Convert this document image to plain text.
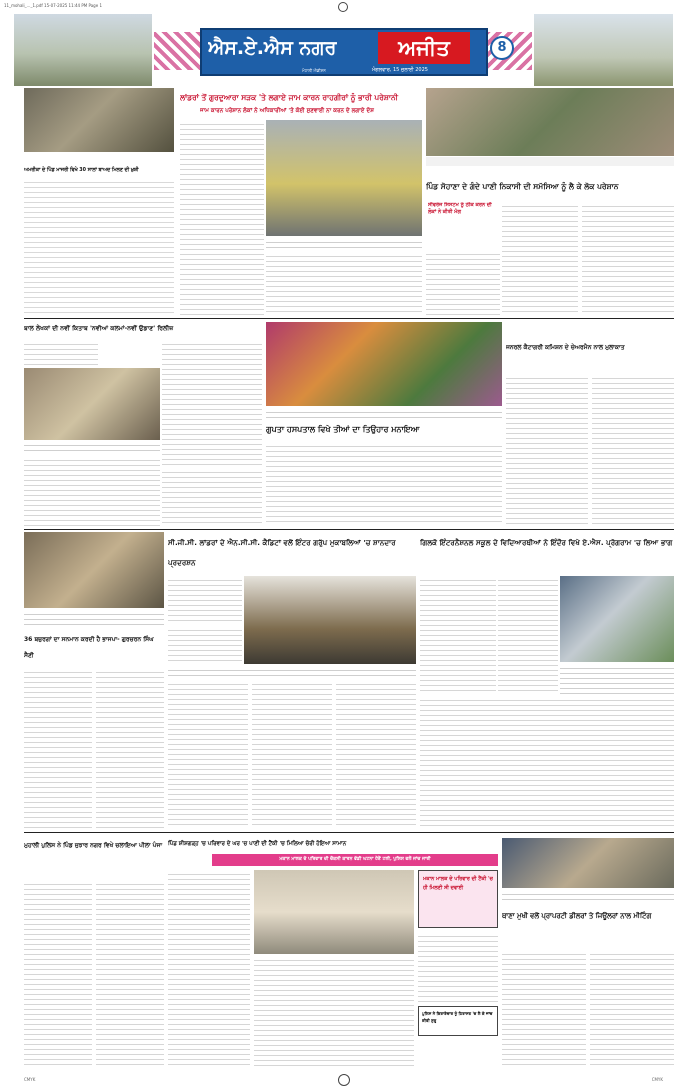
11_mohali_..._1.pdf 15-07-2025 11:44 PM Page 1
ਐਸ.ਏ.ਐਸ ਨਗਰ	ਅਜੀਤ
ਮੋਹਾਲੀ ਐਡੀਸ਼ਨ	ਮੰਗਲਵਾਰ, 15 ਜੁਲਾਈ 2025
8
ਲਾਂਡਰਾਂ ਤੋਂ ਗੁਰਦੁਆਰਾ ਸੜਕ 'ਤੇ ਲਗਾਏ ਜਾਮ ਕਾਰਨ ਰਾਹਗੀਰਾਂ ਨੂੰ ਭਾਰੀ ਪਰੇਸ਼ਾਨੀ
ਜਾਮ ਕਾਰਨ ਪਰੇਸ਼ਾਨ ਲੋਕਾਂ ਨੇ ਅਧਿਕਾਰੀਆਂ 'ਤੇ ਕੋਈ ਸੁਣਵਾਈ ਨਾ ਕਰਨ ਦੇ ਲਗਾਏ ਦੋਸ਼
ਅਮਰੀਕਾ ਦੇ ਪਿੰਡ ਮਾਜਰੀ ਵਿਖੇ 30 ਸਾਲਾਂ ਬਾਅਦ ਮਿਲਣ ਦੀ ਖ਼ੁਸ਼ੀ
ਪਿੰਡ ਸੋਹਾਣਾ ਦੇ ਗੰਦੇ ਪਾਣੀ ਨਿਕਾਸੀ ਦੀ ਸਮੱਸਿਆ ਨੂੰ ਲੈ ਕੇ ਲੋਕ ਪਰੇਸ਼ਾਨ
ਸੀਵਰੇਜ ਸਿਸਟਮ ਨੂੰ ਠੀਕ ਕਰਨ ਦੀ ਲੋਕਾਂ ਨੇ ਕੀਤੀ ਮੰਗ
ਬਾਲ ਲੇਖਕਾਂ ਦੀ ਨਵੀਂ ਕਿਤਾਬ 'ਨਵੀਆਂ ਕਲਮਾਂ-ਨਵੀਂ ਉਡਾਣ' ਰਿਲੀਜ਼
ਗੁਪਤਾ ਹਸਪਤਾਲ ਵਿਖੇ ਤੀਆਂ ਦਾ ਤਿਉਹਾਰ ਮਨਾਇਆ
ਜਨਰਲ ਕੈਟਾਗਰੀ ਕਮਿਸ਼ਨ ਦੇ ਚੇਅਰਮੈਨ ਨਾਲ ਮੁਲਾਕਾਤ
36 ਬਜ਼ੁਰਗਾਂ ਦਾ ਸਨਮਾਨ ਕਰਦੀ ਹੈ ਭਾਜਪਾ- ਗੁਰਚਰਨ ਸਿੰਘ ਸੈਣੀ
ਸੀ.ਜੀ.ਸੀ. ਲਾਂਡਰਾਂ ਦੇ ਐਨ.ਸੀ.ਸੀ. ਕੈਡਿਟਾਂ ਵਲੋਂ ਇੰਟਰ ਗਰੁੱਪ ਮੁਕਾਬਲਿਆਂ 'ਚ ਸ਼ਾਨਦਾਰ ਪ੍ਰਦਰਸ਼ਨ
ਗਿਲਕੋ ਇੰਟਰਨੈਸ਼ਨਲ ਸਕੂਲ ਦੇ ਵਿਦਿਆਰਥੀਆਂ ਨੇ ਇੰਦੌਰ ਵਿਖੇ ਏ.ਐਸ. ਪ੍ਰੋਗਰਾਮ 'ਚ ਲਿਆ ਭਾਗ
ਮੁਹਾਲੀ ਪੁਲਿਸ ਨੇ ਪਿੰਡ ਜੁਝਾਰ ਨਗਰ ਵਿਖੇ ਚਲਾਇਆ ਪੀਲਾ ਪੰਜਾ	ਪਿੰਡ ਸ਼ੀਸ਼ਗੜ੍ਹ 'ਚ ਪਰਿਵਾਰ ਦੇ ਘਰ 'ਚ ਪਾਣੀ ਦੀ ਟੈਂਕੀ 'ਚ ਮਿਲਿਆ ਚੋਰੀ ਹੋਇਆ ਸਾਮਾਨ
ਮਕਾਨ ਮਾਲਕ ਦੇ ਪਰਿਵਾਰ ਦੀ ਚੌਕਸੀ ਕਾਰਨ ਵੱਡੀ ਘਟਨਾ ਹੋਣੋਂ ਟਲੀ, ਪੁਲਿਸ ਵਲੋਂ ਜਾਂਚ ਜਾਰੀ
ਮਕਾਨ ਮਾਲਕ ਦੇ ਪਰਿਵਾਰ ਦੀ ਟੈਂਕੀ 'ਚ ਹੀ ਮਿਲਣੀ ਸੀ ਦਵਾਈ
ਪੁਲਿਸ ਨੇ ਕਿਰਾਏਦਾਰ ਨੂੰ ਹਿਰਾਸਤ 'ਚ ਲੈ ਕੇ ਜਾਂਚ ਕੀਤੀ ਸ਼ੁਰੂ
ਥਾਣਾ ਮੁਖੀ ਵਲੋਂ ਪ੍ਰਾਪਰਟੀ ਡੀਲਰਾਂ ਤੇ ਜਿਊਲਰਾਂ ਨਾਲ ਮੀਟਿੰਗ
CMYK	CMYK
